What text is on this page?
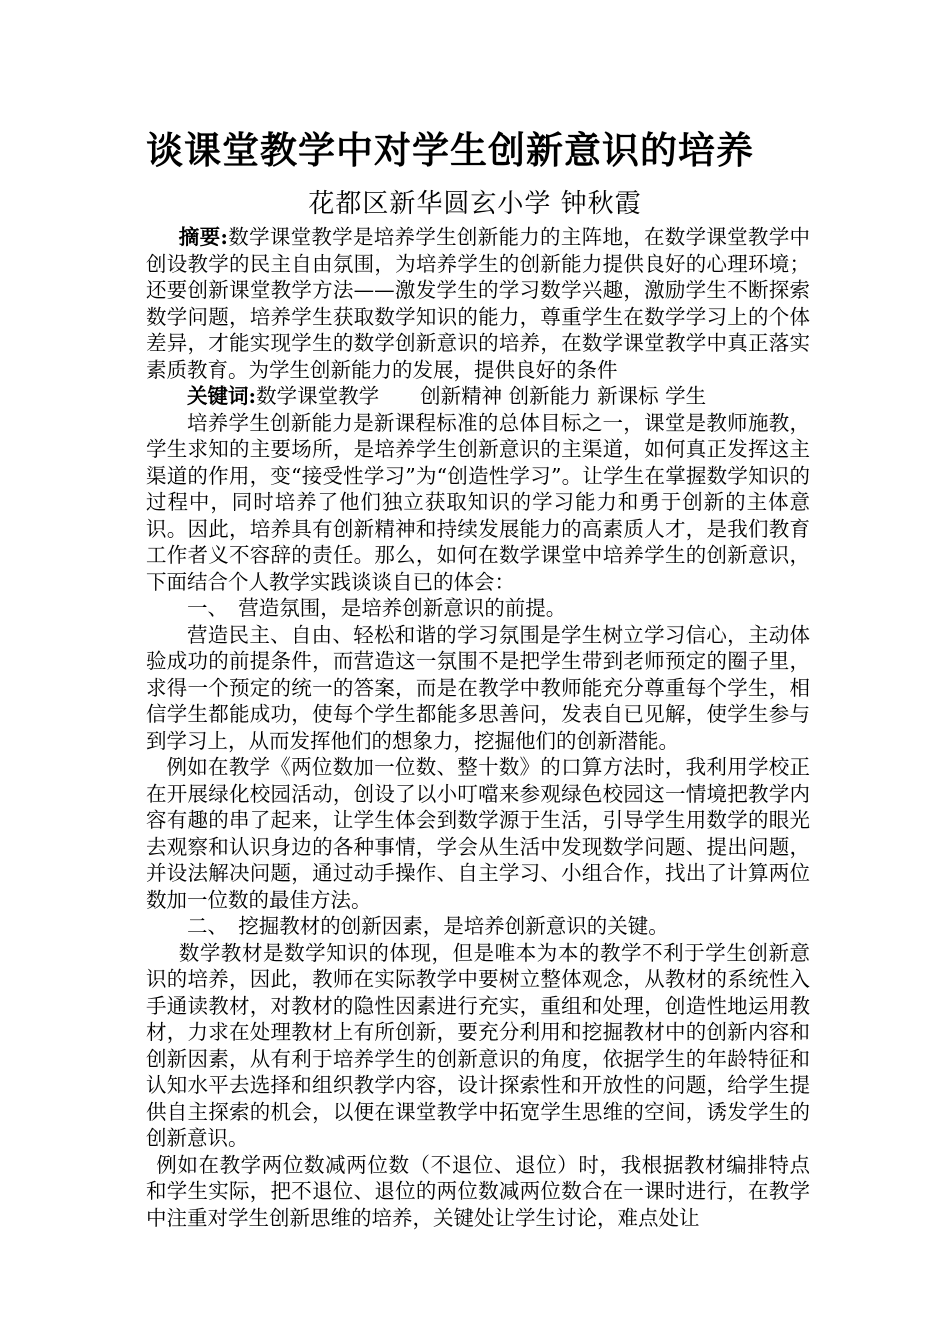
谈课堂教学中对学生创新意识的培养
花都区新华圆玄小学 钟秋霞

摘要:数学课堂教学是培养学生创新能力的主阵地，在数学课堂教学中创设教学的民主自由氛围，为培养学生的创新能力提供良好的心理环境；还要创新课堂教学方法——激发学生的学习数学兴趣，激励学生不断探索数学问题，培养学生获取数学知识的能力，尊重学生在数学学习上的个体差异，才能实现学生的数学创新意识的培养，在数学课堂教学中真正落实素质教育。为学生创新能力的发展，提供良好的条件

关键词:数学课堂教学　　创新精神 创新能力 新课标 学生

培养学生创新能力是新课程标准的总体目标之一，课堂是教师施教，学生求知的主要场所，是培养学生创新意识的主渠道，如何真正发挥这主渠道的作用，变“接受性学习”为“创造性学习”。让学生在掌握数学知识的过程中，同时培养了他们独立获取知识的学习能力和勇于创新的主体意识。因此，培养具有创新精神和持续发展能力的高素质人才，是我们教育工作者义不容辞的责任。那么，如何在数学课堂中培养学生的创新意识，下面结合个人教学实践谈谈自已的体会：

一、　营造氛围，是培养创新意识的前提。

营造民主、自由、轻松和谐的学习氛围是学生树立学习信心，主动体验成功的前提条件，而营造这一氛围不是把学生带到老师预定的圈子里，求得一个预定的统一的答案，而是在教学中教师能充分尊重每个学生，相信学生都能成功，使每个学生都能多思善问，发表自已见解，使学生参与到学习上，从而发挥他们的想象力，挖掘他们的创新潜能。

例如在教学《两位数加一位数、整十数》的口算方法时，我利用学校正在开展绿化校园活动，创设了以小叮噹来参观绿色校园这一情境把教学内容有趣的串了起来，让学生体会到数学源于生活，引导学生用数学的眼光去观察和认识身边的各种事情，学会从生活中发现数学问题、提出问题，并设法解决问题，通过动手操作、自主学习、小组合作，找出了计算两位数加一位数的最佳方法。

二、　挖掘教材的创新因素，是培养创新意识的关键。

数学教材是数学知识的体现，但是唯本为本的教学不利于学生创新意识的培养，因此，教师在实际教学中要树立整体观念，从教材的系统性入手通读教材，对教材的隐性因素进行充实，重组和处理，创造性地运用教材，力求在处理教材上有所创新，要充分利用和挖掘教材中的创新内容和创新因素，从有利于培养学生的创新意识的角度，依据学生的年龄特征和认知水平去选择和组织教学内容，设计探索性和开放性的问题，给学生提供自主探索的机会，以便在课堂教学中拓宽学生思维的空间，诱发学生的创新意识。

例如在教学两位数减两位数（不退位、退位）时，我根据教材编排特点和学生实际，把不退位、退位的两位数减两位数合在一课时进行，在教学中注重对学生创新思维的培养，关键处让学生讨论，难点处让
